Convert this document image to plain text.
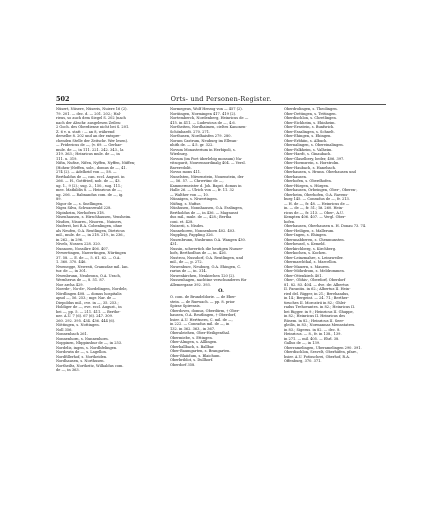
502	Orts- und Personen-Register.
Nüsert, Nüsere, Nüseris, Nuiere 16 (2).
79. 201. — dec. d. — 201. 202.; Hal-
rieus, so auch dem Siegel S. 202 (nach
nach der Abschr. ausgelesen Zeilen:
2 Goch. des Oberdiense nicht bei S. 201.
Z. 6 v. u. statt : — an 8, während
derselbe 8. 202 und an der entspre-
chenden Stelle der Zeitschr. Wer lesen).
— Fridericus de —, (v. 69. — Gerhar-
mule. de —, in 111. 221. 242. 343., la
319. 363.; Heinricus mule. de —, in
111. u. 319.
Nifin, Nufise, Nifen, Nyffen, Nyffen, Nüffen;
(Hohen-)Neffen, sole., domus de —, 41.
274 (2). — Adelheid von —, 58. —
Berthaldus de —, can. eccl. August. in
266. — H., Gottfried, nob. de —, 43.
ug. 1., 9 (2).; sug. 2., 150., sug. 111.;
mee. Mathildis 8. — Heinricus de —,
ug. 206. — Rabnandus com. de —, ig.
89.
Nigor de —, s. Snellingen.
Nigra Silva, Schwarzwald 228.
Nipinheim, Nerhofern 318.
Nisenhausen, s. Hirschhausen, Vensheim.
Nisdies, Nisurrn., Nisoren., Nuiners,
Nuiferst, bei R.A. Cobenlingen, ohne
als Neufen, O.A. Reutlingen, Dietricus
mil., mule. de —, in 218. 219., in 236.,
in 262., in 296.
Nivels, Nossen 228. 320.
Nunnoen, Nossilire 406. 407.
Nvwertingen, Nawertingen, Nürtingen
37. 58. — E. de —, 5. 61. 62. — O.A.
1. 360. 370. 446.
Nwenegge, Newesti, Cramsdae mil. Ian.
tur. de —, in 301.
Nwenbrunn, Neubronn, O.A. Urach,
Wernherus de —, 8. 51. 87.
Noe archa 429.
Noerde-, No-de-, Nordelingen, Nordele,
Nördlingen 408. — domus hospitalis
apud —, 56. 253.; mgr. Nar. de —
Diepoldus mil., cve. in —, 35. 253.;
Holdiger de —, eve. eccl. August., in
bei —, pp. 5. — 211. 411. — Berthe-
ner. A.U. 7 (6). 67 (6). 247. 309.
260. 292. 395. 434. 436. 444 (6).
Nöttingen, s. Nottingen.
Noll 356.
Nonnenbach 261.
Nonnenhorn, s. Nunnenhorn.
Noppinen, Nbppinshur de —, in 253.
Nordelis, ingen, s. Nordhfelingen.
Nordowin de —, s. Lagellon.
Nordfillerhof, s. Northeiden.
Nordhausen, s. Northusen.
Northeiltz, Northeitz, Wilhaldus com.
de —, in 363.
Normegeus, Wolf Herzog von — 457 (2).
Norüingen, Normingen 417. 419 (2).
Nortemberch, Nordenberg, Heinricus de —
415. in 411. — Ludewicus de —, 4.6.
Northeiten, Nordhaimen, cieltes Kanonen-
Schönbardt. 270. 271.
Northusen, Nordhaisfen 279. 280.
Norum Castrum, Neuburg im Ellwan-
nhith de. — 4.5. gr. 322.
Novum Monasterium in Herbipoli, s.
Wirzburg.
Novum (im Port überlebig monsum) Na-
vitsopurit, Nouvennordinalg 404. — Versl.
Baveredolit.
Novus mons 411.
Nunelsten, Nüwenstein, Nouenstein, der
—, 56. 57. — Chrwrtinc de —,
Kammermeister d. Joh. Bapst. domus in
Halle 26. — Ulrich von —, fr. 11. 32
— Walther von —, 10.
Nünnigen, s. Niwertingen.
Nüfing, s. Nufise.
Nünhusen, Nonnhausen, O.A. Esslingen,
Bertholdus de —, in 436. — Magnusst
dus mil., mule. de —, 428.; Bertha
coni. et. 428.
Nuizerii, s. Nisdes.
Nunnehoren, Nonnenhorn 402. 403.
Nuppling, Pappling 326.
Nusenbrunn, Nusbrunn O.A. Wangen 430.
431.
Nussin, schwertich die heutigen Nusser-
hofs, Berthodhus de —, in. 426.
Nustrou, Nussdorf, O.A. Reutlingen, und
mil., de —, p. 272.
Nuwenburc, Neuburg, O.A. Ehingen, C.
rarius de —, in. 314.
Nuwenkirchen, Neukirchen 120 (2).
Nussenhagen, nachtine verschunderes für
Allemergane 392. 393.
O.
O. com. de Brundeldorie. — de Eber-
stein. — de Ruewach. — pp. 8. prior
Spirae Spirensis.
Oberdoves, domus, Oberdürm, † Ober-
hausen, O.A. Reutlingen, † Oberdorf,
hsier. A.U. Herttnern, C. mil. de —,
in 222. — Conradus mil. de —, in
132. in 362. 363., in 367.
Oberaleiehen, Ober-Heiligenthal.
Obermiebe, s. Ettingen.
Ober-Almgen, s. Alllingen.
Oberballbach, s. Ballbar.
Ober-Baumgarten, s. Brangarten.
Ober-Blaiidum, s. Blaichum.
Oberbriblot, s. Dullhorf.
Oberdorf 358.
Oberdrolingen, s. Theolingen.
Ober-Dettingen, s. Tettingen.
Oberdischlon, s. Chretlingen.
Ober-Eichheim, s. Ehinheim.
Ober-Ernstein, s. Bunfsrich.
Ober-Essalingen, s. Schnelt.
Ober-Ehingen, s. Ehingen.
Ober-Erbhiin, s. Albuch.
Obernalingen, s. Obereinalingen.
Ober-Falkheim, s. Valheim.
Ober-Hardt, s. Ginaubach.
Ober-Glaselbery, beder, 406. 397.
Ober-Hormsrein, s. Horstrolm.
Ober-Haubach, s. Hanebach.
Oberhausen, s. Hrunn. Oberhausen und
Oberhausen.
Oberhofen, s. Oberdhofen.
Ober-Hürgen, s. Hürgen.
Oberhausen, Orbeingen, Ober-, Oberen-,
Oberheim, Oberhofen, O.A. Ravens-
burg 145. — Conradus de —, fr. 213.
— H. de —, fr. 48. — Heinricus de —
in. — de —, fr. 51.; lit. 260. Hein-
ricus de —, fr. 213. — Ober-, A.U.
Kempten 406. 407. — Vergl. Ober-
hofen.
Oberhausen, Oberhausen u. H. Donau 73. 74.
Ober-Heiligen, s. Mallerum.
Ober-Ingen, s. Ehingen.
Oberunabberen, s. Chenmunsten.
Oberheusel, s. Kemeld.
Oberkirchberg, s. Kirchberg.
Oberkochen, s. Kochen.
Ober-Leinzmahre, s. Leinzweiler.
Obermarchthal, s. Marcellon.
Ober-Mauern, s. Mauren.
Ober-Möhrdrom, s. Meldrommen.
Ober-Ottenkirch 401.
Ober-, Obhis-, Oberdorf, Oberdorf
81. 82. 83. 404. — dve. de: Albertus
II. Parantiu. in 62.; Albertus II. Hein-
ried del. Rigger, in 21.; Berehandus,
in 14.; Bergeint. — 24. 71.; Berther-
tiruches II. Morcatrii in 82.; Ghlei-
radus Trehovantes. in 82.; Heinricus II.
bei Rigger. in 9.; Heinricus II. Ghuppe,
in 82.; Heinricus II. Heinricus des
Rüsem. in 82.; Heinricus II. Seer-
gleilis, in 83.; Normannas Mennstatres.
in 83.; Sigerus. in 82. — dec. 8.
Heinricus. — 8., fr. in 138., 139.
in 271. — mil. 405. — Ehrl. 38.
Gallus de —, in 139.
Oberramelingen, Überamelingen 290. 391.
Oberdischlon, Sesvelt, Oberhüfen, pfarr.,
hsier. A.U. Fotisschrei, Oberhof, R.A.
Offenburg, 370. 371.
